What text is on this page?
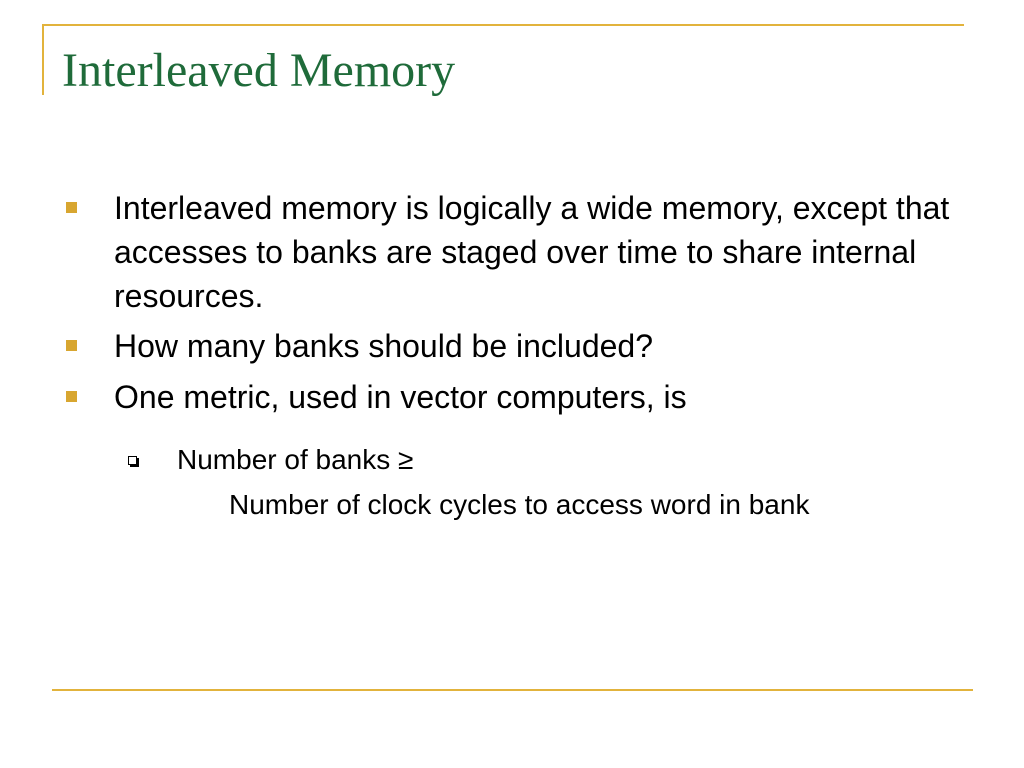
Interleaved Memory
Interleaved memory is logically a wide memory, except that accesses to banks are staged over time to share internal resources.
How many banks should be included?
One metric, used in vector computers, is
Number of banks ≥
Number of clock cycles to access word in bank
